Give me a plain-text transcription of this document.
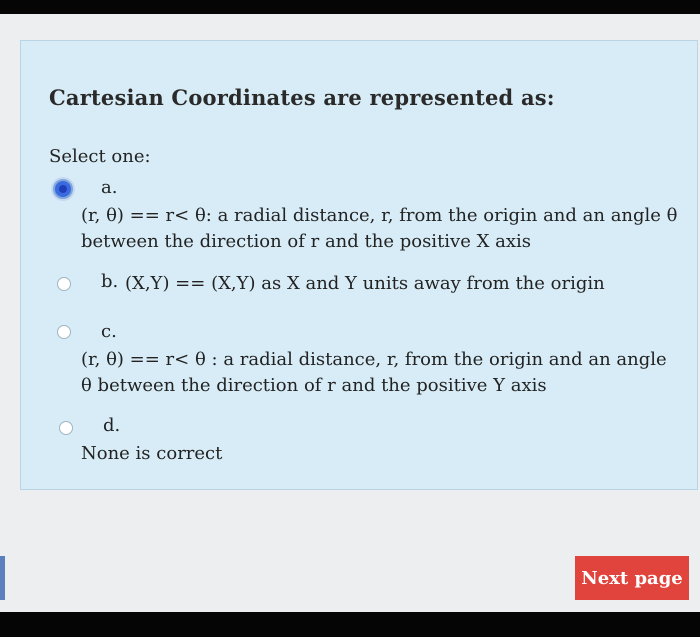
Cartesian Coordinates are represented as:
Select one:
a.
(r, θ) == r< θ: a radial distance, r, from the origin and an angle θ
between the direction of r and the positive X axis
b. (X,Y) == (X,Y) as X and Y units away from the origin
c.
(r, θ) == r< θ : a radial distance, r, from the origin and an angle
θ between the direction of r and the positive Y axis
d.
None is correct
Next page
